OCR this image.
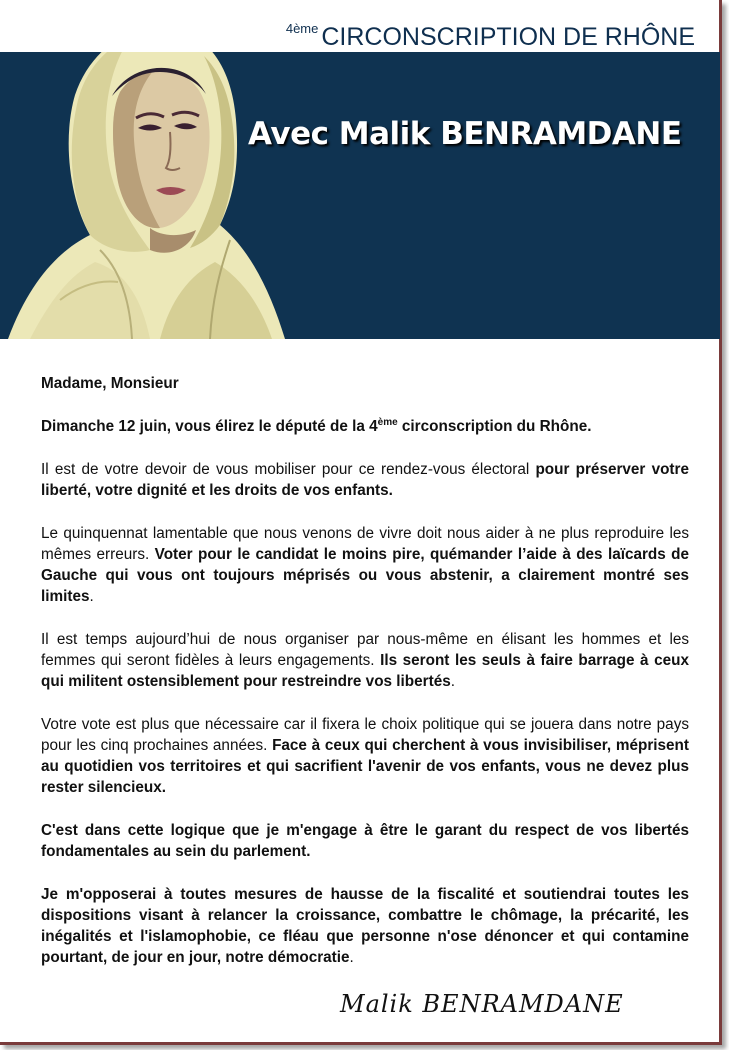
$^{4ème}$ CIRCONSCRIPTION DE RHÔNE
Avec Malik BENRAMDANE

Madame, Monsieur

Dimanche 12 juin, vous élirez le député de la 4ème circonscription du Rhône.

Il est de votre devoir de vous mobiliser pour ce rendez-vous électoral pour préserver votre liberté, votre dignité et les droits de vos enfants.

Le quinquennat lamentable que nous venons de vivre doit nous aider à ne plus reproduire les mêmes erreurs. Voter pour le candidat le moins pire, quémander l’aide à des laïcards de Gauche qui vous ont toujours méprisés ou vous abstenir, a clairement montré ses limites.

Il est temps aujourd’hui de nous organiser par nous-même en élisant les hommes et les femmes qui seront fidèles à leurs engagements. Ils seront les seuls à faire barrage à ceux qui militent ostensiblement pour restreindre vos libertés.

Votre vote est plus que nécessaire car il fixera le choix politique qui se jouera dans notre pays pour les cinq prochaines années. Face à ceux qui cherchent à vous invisibiliser, méprisent au quotidien vos territoires et qui sacrifient l'avenir de vos enfants, vous ne devez plus rester silencieux.

C'est dans cette logique que je m'engage à être le garant du respect de vos libertés fondamentales au sein du parlement.

Je m'opposerai à toutes mesures de hausse de la fiscalité et soutiendrai toutes les dispositions visant à relancer la croissance, combattre le chômage, la précarité, les inégalités et l'islamophobie, ce fléau que personne n'ose dénoncer et qui contamine pourtant, de jour en jour, notre démocratie.

Malik BENRAMDANE
